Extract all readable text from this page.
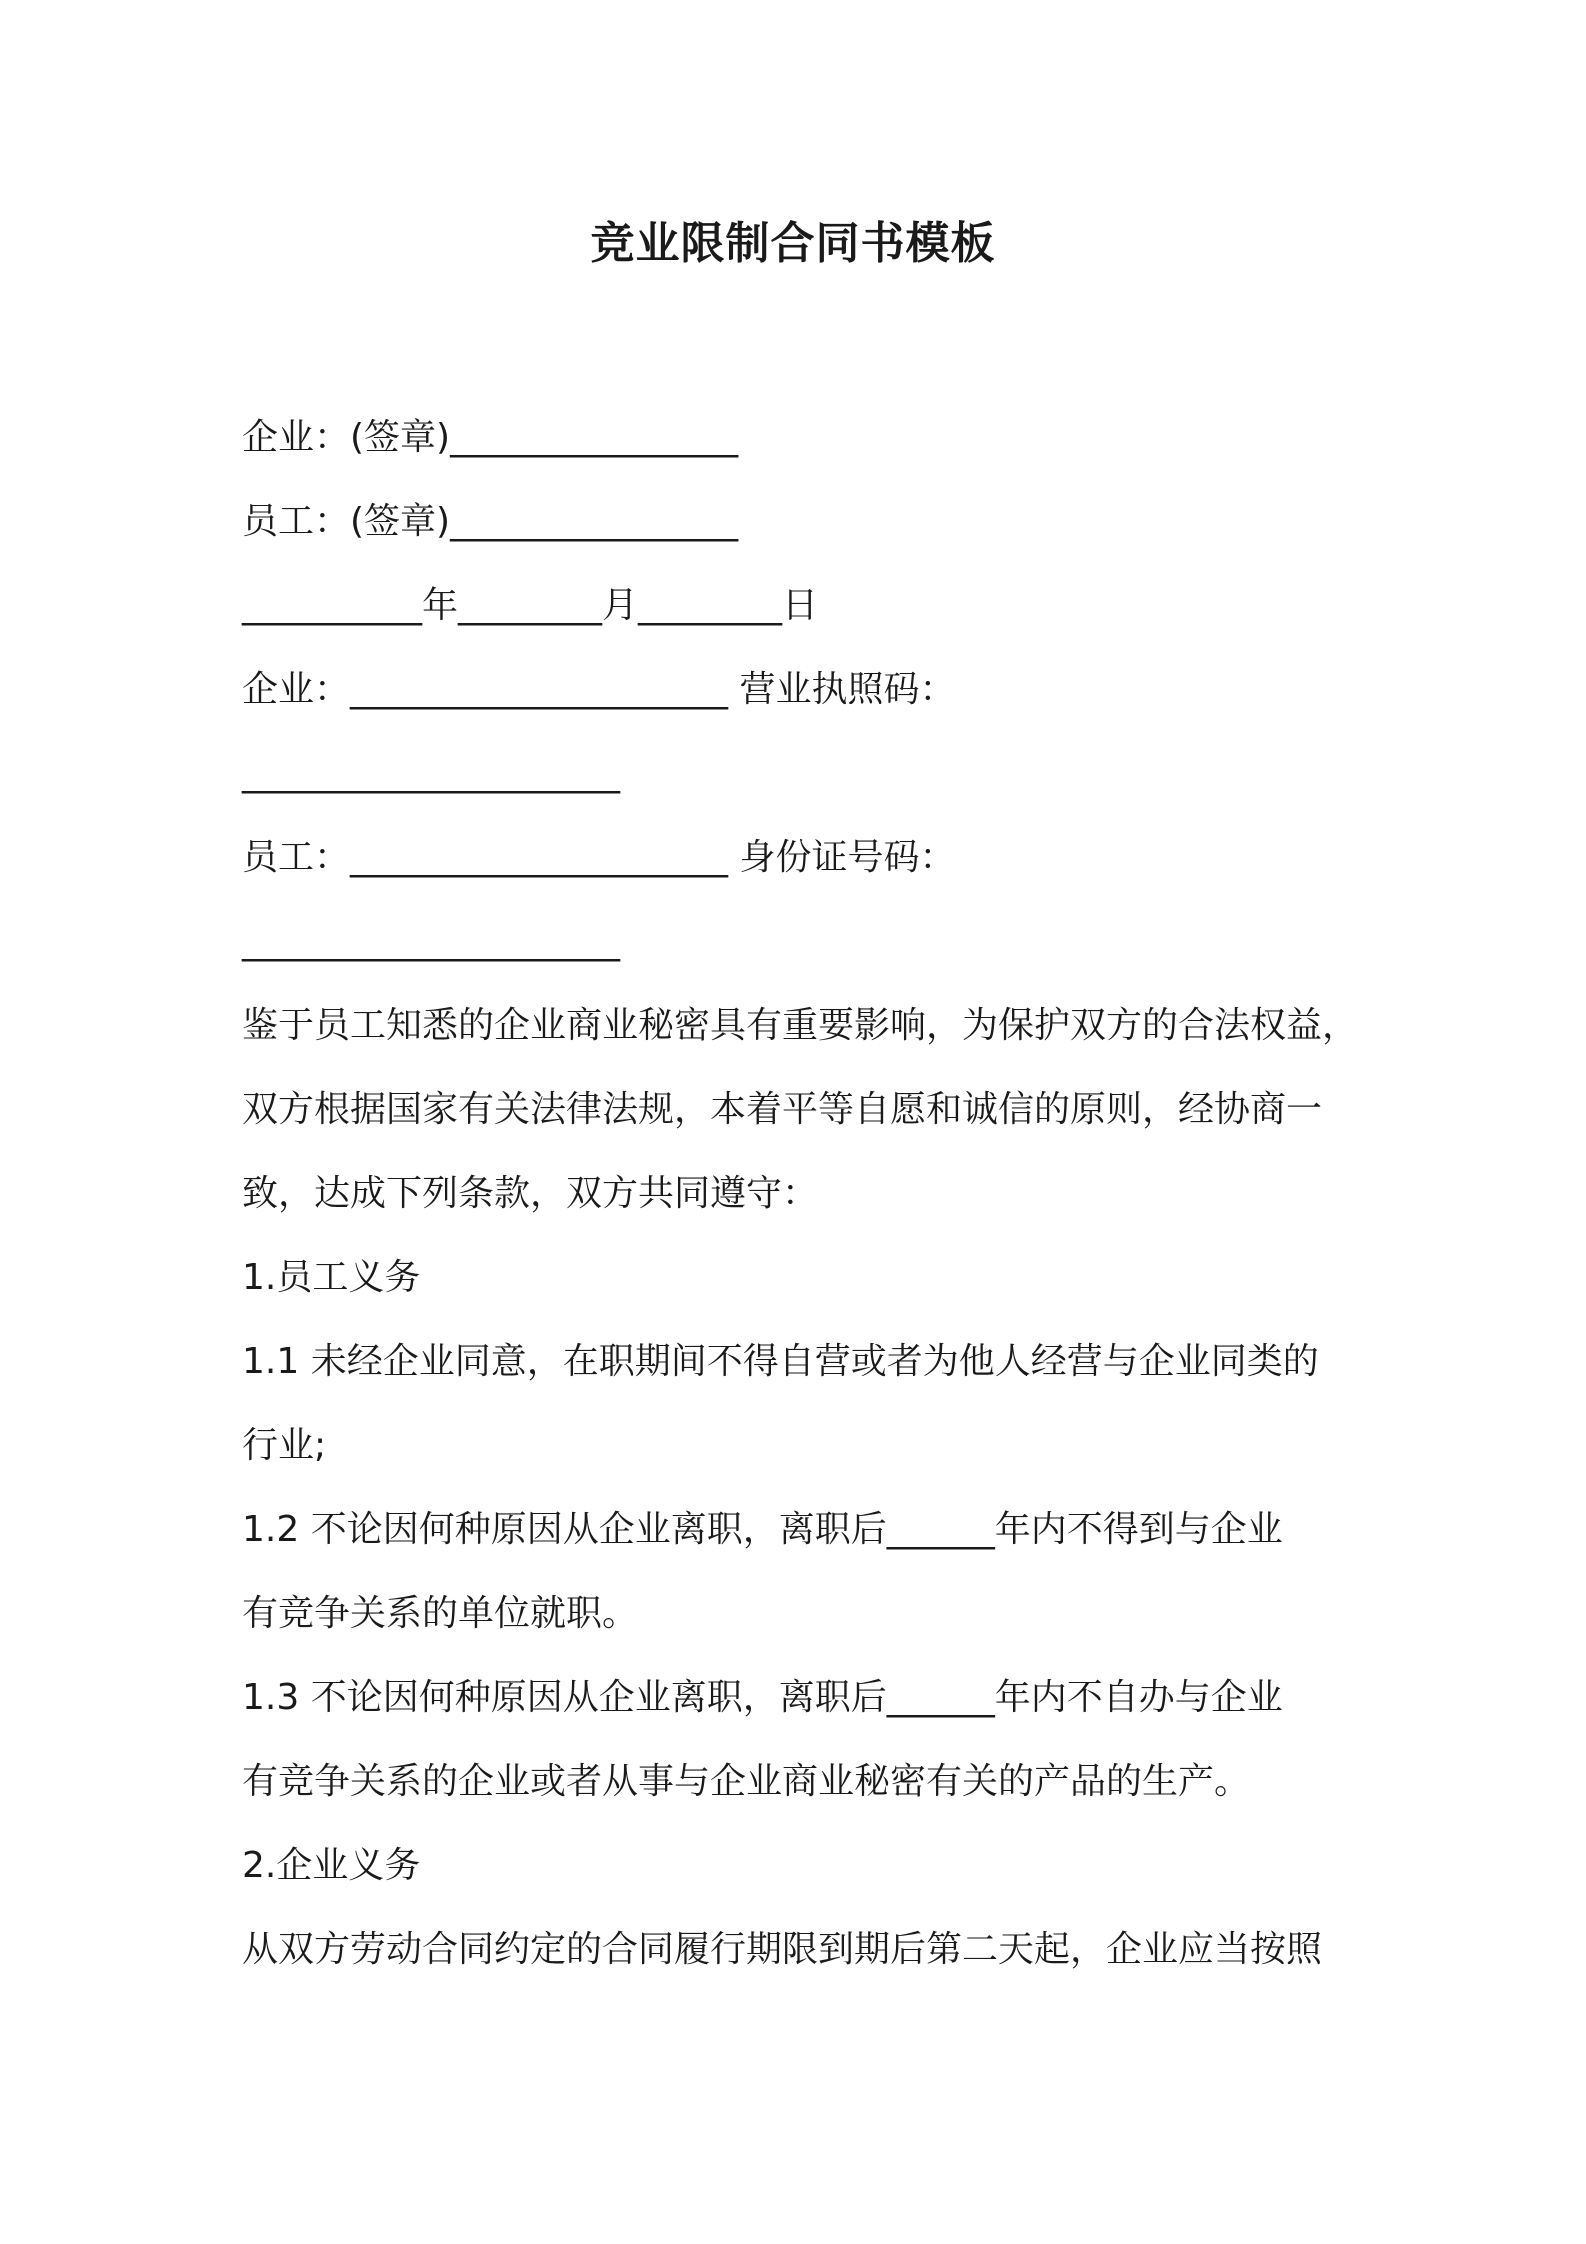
竞业限制合同书模板
企业：(签章)________________
员工：(签章)________________
__________年________月________日
企业：_____________________ 营业执照码：
_____________________
员工：_____________________ 身份证号码：
_____________________
鉴于员工知悉的企业商业秘密具有重要影响，为保护双方的合法权益，
双方根据国家有关法律法规，本着平等自愿和诚信的原则，经协商一
致，达成下列条款，双方共同遵守：
1.员工义务
1.1 未经企业同意，在职期间不得自营或者为他人经营与企业同类的
行业;
1.2 不论因何种原因从企业离职，离职后______年内不得到与企业
有竞争关系的单位就职。
1.3 不论因何种原因从企业离职，离职后______年内不自办与企业
有竞争关系的企业或者从事与企业商业秘密有关的产品的生产。
2.企业义务
从双方劳动合同约定的合同履行期限到期后第二天起，企业应当按照
